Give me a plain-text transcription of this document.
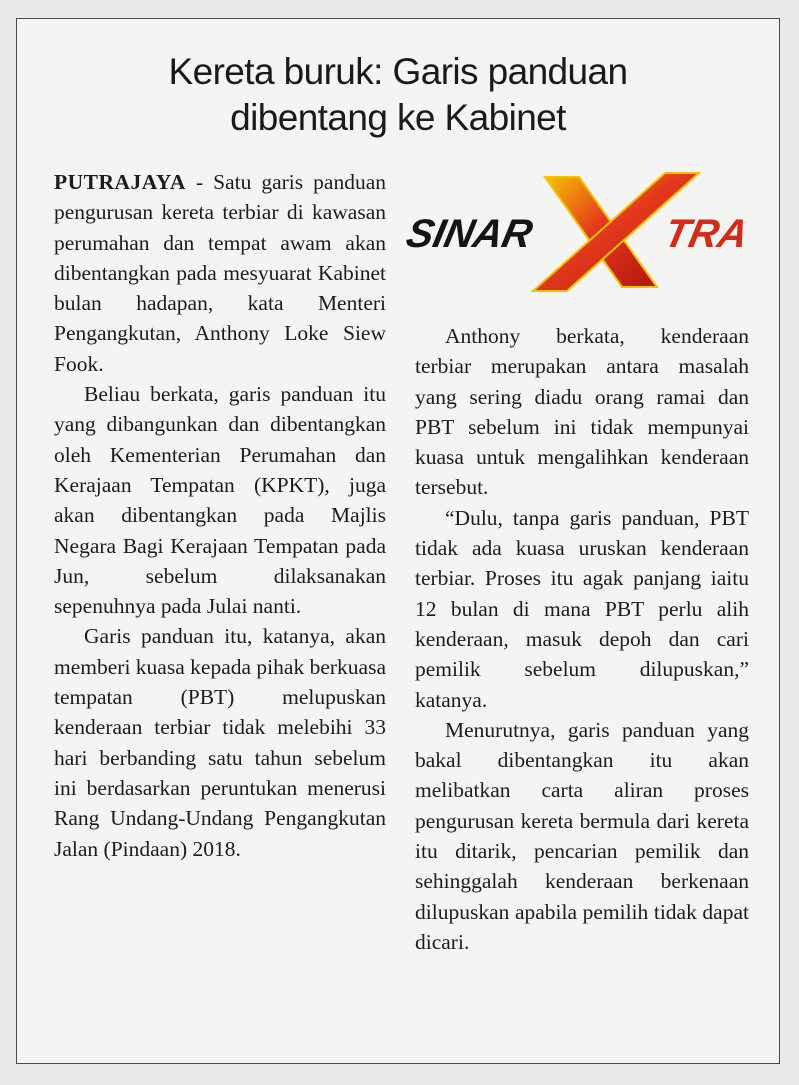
Kereta buruk: Garis panduan
dibentang ke Kabinet

PUTRAJAYA - Satu garis panduan pengurusan kereta terbiar di kawasan perumahan dan tempat awam akan dibentangkan pada mesyuarat Kabinet bulan hadapan, kata Menteri Pengangkutan, Anthony Loke Siew Fook.

Beliau berkata, garis panduan itu yang dibangunkan dan dibentangkan oleh Kementerian Perumahan dan Kerajaan Tempatan (KPKT), juga akan dibentangkan pada Majlis Negara Bagi Kerajaan Tempatan pada Jun, sebelum dilaksanakan sepenuhnya pada Julai nanti.

Garis panduan itu, katanya, akan memberi kuasa kepada pihak berkuasa tempatan (PBT) melupuskan kenderaan terbiar tidak melebihi 33 hari berbanding satu tahun sebelum ini berdasarkan peruntukan menerusi Rang Undang-Undang Pengangkutan Jalan (Pindaan) 2018.

SINAR	TRA

Anthony berkata, kenderaan terbiar merupakan antara masalah yang sering diadu orang ramai dan PBT sebelum ini tidak mempunyai kuasa untuk mengalihkan kenderaan tersebut.

“Dulu, tanpa garis panduan, PBT tidak ada kuasa uruskan kenderaan terbiar. Proses itu agak panjang iaitu 12 bulan di mana PBT perlu alih kenderaan, masuk depoh dan cari pemilik sebelum dilupuskan,” katanya.

Menurutnya, garis panduan yang bakal dibentangkan itu akan melibatkan carta aliran proses pengurusan kereta bermula dari kereta itu ditarik, pencarian pemilik dan sehinggalah kenderaan berkenaan dilupuskan apabila pemilih tidak dapat dicari.
